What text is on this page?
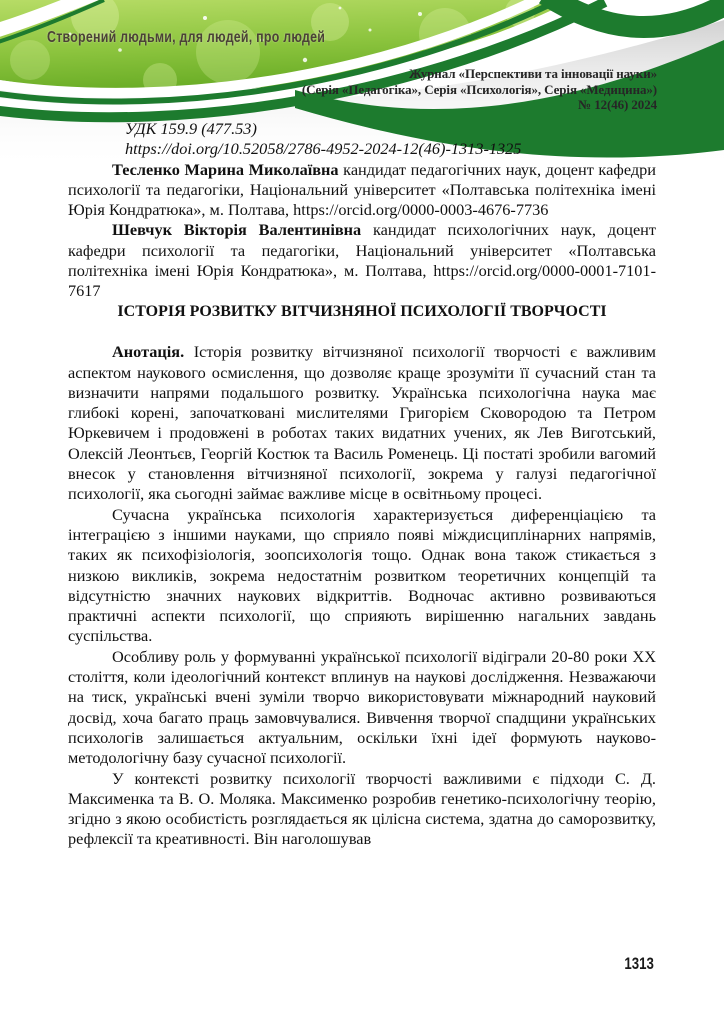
Створений людьми, для людей, про людей
Журнал «Перспективи та інновації науки»
(Серія «Педагогіка», Серія «Психологія», Серія «Медицина»)
№ 12(46) 2024

УДК 159.9 (477.53)

https://doi.org/10.52058/2786-4952-2024-12(46)-1313-1325

Тесленко Марина Миколаївна кандидат педагогічних наук, доцент кафедри психології та педагогіки, Національний університет «Полтавська політехніка імені Юрія Кондратюка», м. Полтава, https://orcid.org/0000-0003-4676-7736

Шевчук Вікторія Валентинівна кандидат психологічних наук, доцент кафедри психології та педагогіки, Національний університет «Полтавська політехніка імені Юрія Кондратюка», м. Полтава, https://orcid.org/0000-0001-7101-7617

ІСТОРІЯ РОЗВИТКУ ВІТЧИЗНЯНОЇ ПСИХОЛОГІЇ ТВОРЧОСТІ

Анотація. Історія розвитку вітчизняної психології творчості є важливим аспектом наукового осмислення, що дозволяє краще зрозуміти її сучасний стан та визначити напрями подальшого розвитку. Українська психологічна наука має глибокі корені, започатковані мислителями Григорієм Сковородою та Петром Юркевичем і продовжені в роботах таких видатних учених, як Лев Виготський, Олексій Леонтьєв, Георгій Костюк та Василь Роменець. Ці постаті зробили вагомий внесок у становлення вітчизняної психології, зокрема у галузі педагогічної психології, яка сьогодні займає важливе місце в освітньому процесі.

Сучасна українська психологія характеризується диференціацією та інтеграцією з іншими науками, що сприяло появі міждисциплінарних напрямів, таких як психофізіологія, зоопсихологія тощо. Однак вона також стикається з низкою викликів, зокрема недостатнім розвитком теоретичних концепцій та відсутністю значних наукових відкриттів. Водночас активно розвиваються практичні аспекти психології, що сприяють вирішенню нагальних завдань суспільства.

Особливу роль у формуванні української психології відіграли 20-80 роки ХХ століття, коли ідеологічний контекст вплинув на наукові дослідження. Незважаючи на тиск, українські вчені зуміли творчо використовувати міжнародний науковий досвід, хоча багато праць замовчувалися. Вивчення творчої спадщини українських психологів залишається актуальним, оскільки їхні ідеї формують науково-методологічну базу сучасної психології.

У контексті розвитку психології творчості важливими є підходи С. Д. Максименка та В. О. Моляка. Максименко розробив генетико-психологічну теорію, згідно з якою особистість розглядається як цілісна система, здатна до саморозвитку, рефлексії та креативності. Він наголошував

1313
